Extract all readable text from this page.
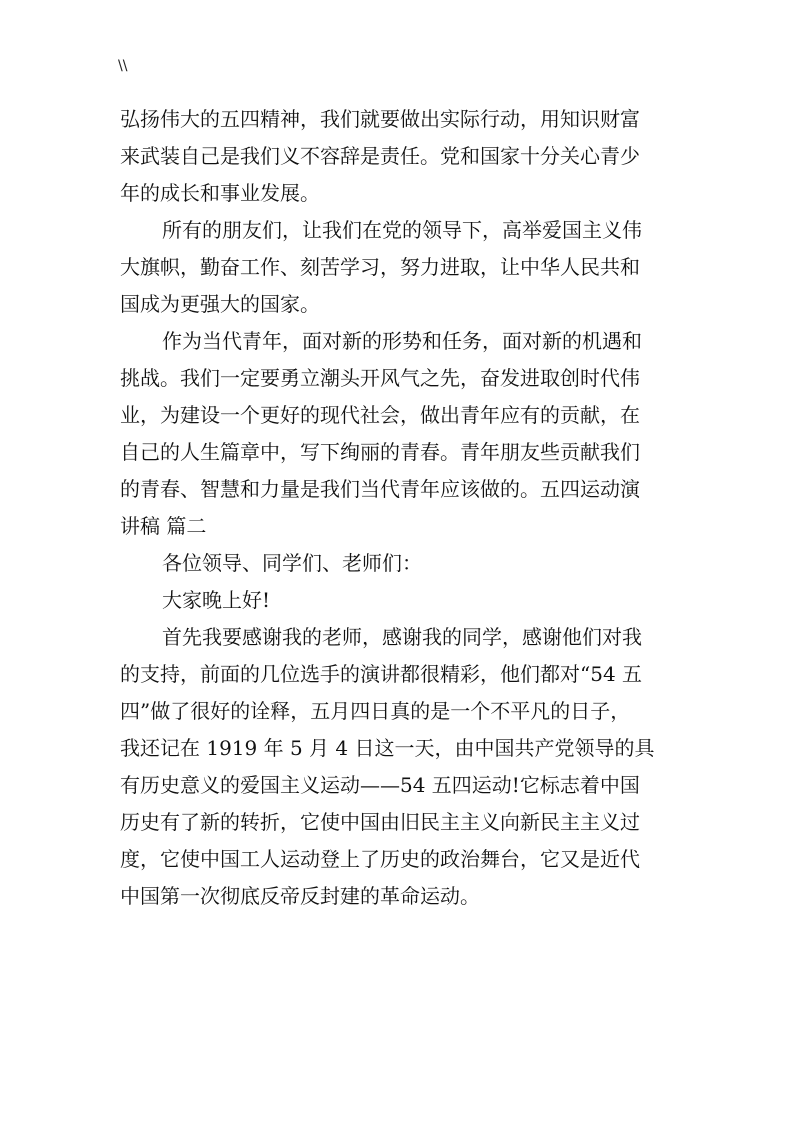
\\
弘扬伟大的五四精神，我们就要做出实际行动，用知识财富
来武装自己是我们义不容辞是责任。党和国家十分关心青少
年的成长和事业发展。
所有的朋友们，让我们在党的领导下，高举爱国主义伟
大旗帜，勤奋工作、刻苦学习，努力进取，让中华人民共和
国成为更强大的国家。
作为当代青年，面对新的形势和任务，面对新的机遇和
挑战。我们一定要勇立潮头开风气之先，奋发进取创时代伟
业，为建设一个更好的现代社会，做出青年应有的贡献，在
自己的人生篇章中，写下绚丽的青春。青年朋友些贡献我们
的青春、智慧和力量是我们当代青年应该做的。五四运动演
讲稿 篇二
各位领导、同学们、老师们：
大家晚上好!
首先我要感谢我的老师，感谢我的同学，感谢他们对我
的支持，前面的几位选手的演讲都很精彩，他们都对“54 五
四”做了很好的诠释，五月四日真的是一个不平凡的日子，
我还记在 1919 年 5 月 4 日这一天，由中国共产党领导的具
有历史意义的爱国主义运动——54 五四运动!它标志着中国
历史有了新的转折，它使中国由旧民主主义向新民主主义过
度，它使中国工人运动登上了历史的政治舞台，它又是近代
中国第一次彻底反帝反封建的革命运动。
